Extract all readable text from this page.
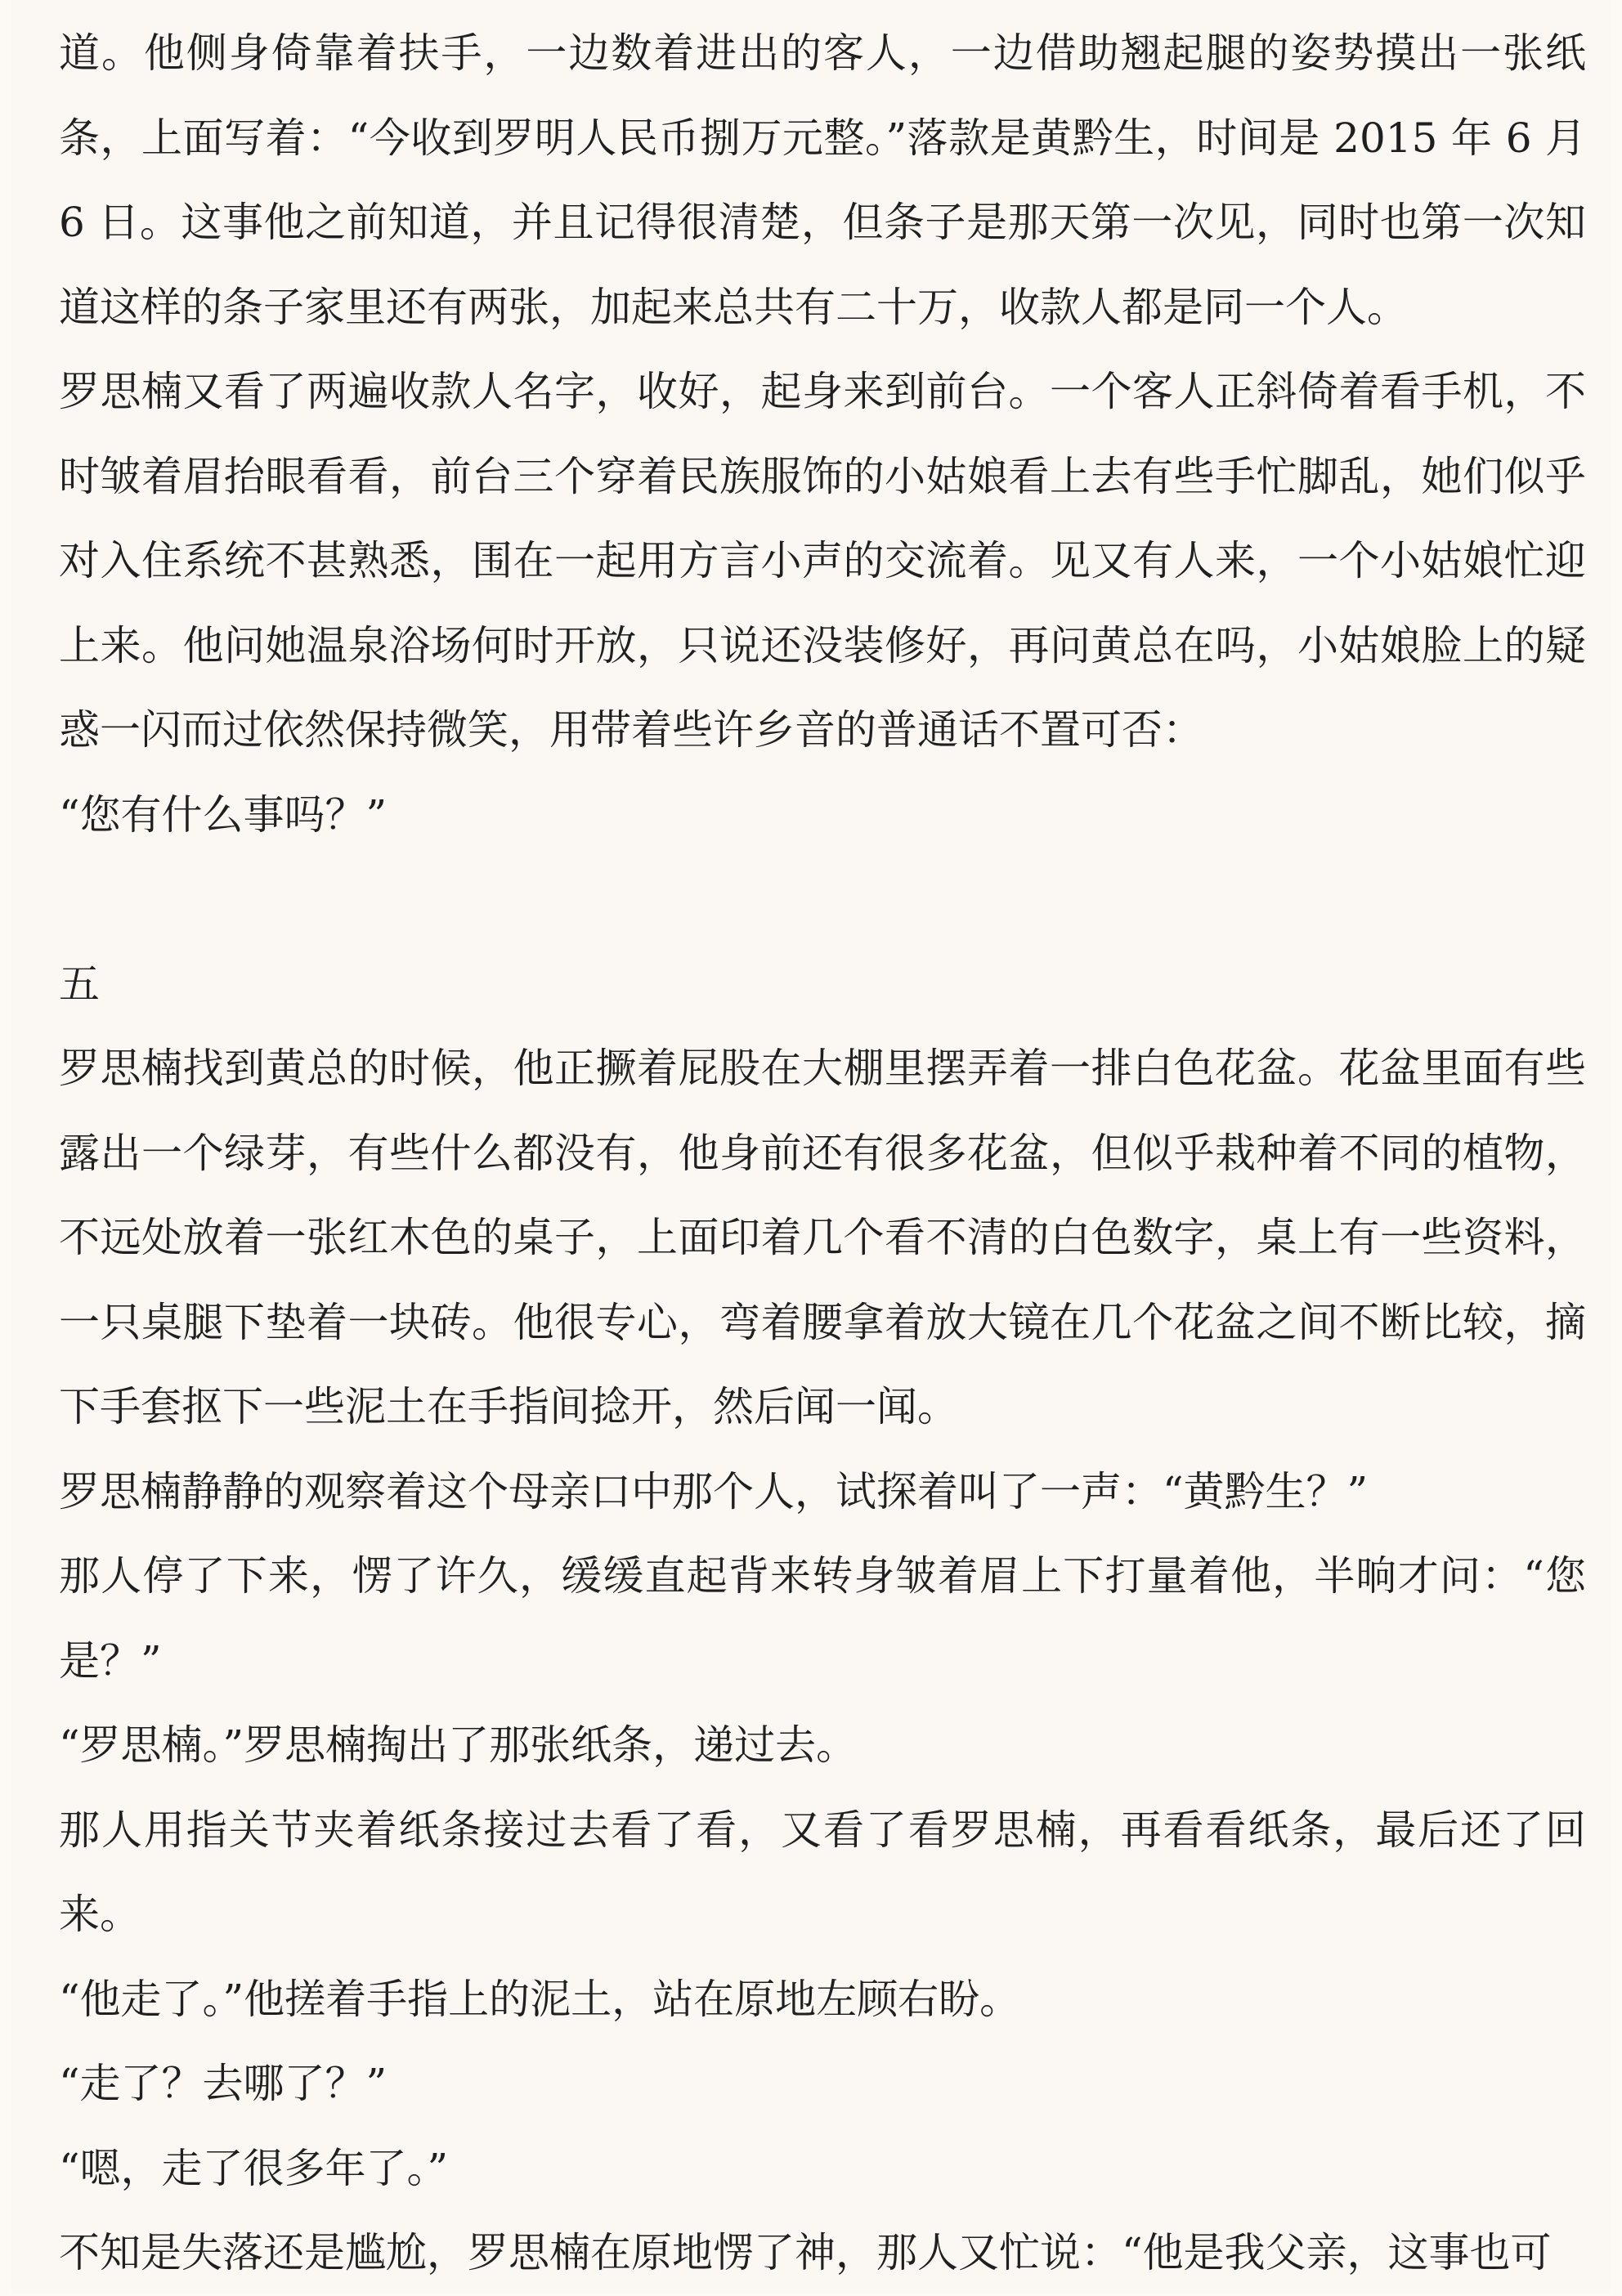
道。他侧身倚靠着扶手，一边数着进出的客人，一边借助翘起腿的姿势摸出一张纸条，上面写着：“今收到罗明人民币捌万元整。”落款是黄黔生，时间是 2015 年 6 月 6 日。这事他之前知道，并且记得很清楚，但条子是那天第一次见，同时也第一次知道这样的条子家里还有两张，加起来总共有二十万，收款人都是同一个人。

罗思楠又看了两遍收款人名字，收好，起身来到前台。一个客人正斜倚着看手机，不时皱着眉抬眼看看，前台三个穿着民族服饰的小姑娘看上去有些手忙脚乱，她们似乎对入住系统不甚熟悉，围在一起用方言小声的交流着。见又有人来，一个小姑娘忙迎上来。他问她温泉浴场何时开放，只说还没装修好，再问黄总在吗，小姑娘脸上的疑惑一闪而过依然保持微笑，用带着些许乡音的普通话不置可否：

“您有什么事吗？”

五

罗思楠找到黄总的时候，他正撅着屁股在大棚里摆弄着一排白色花盆。花盆里面有些露出一个绿芽，有些什么都没有，他身前还有很多花盆，但似乎栽种着不同的植物，不远处放着一张红木色的桌子，上面印着几个看不清的白色数字，桌上有一些资料，一只桌腿下垫着一块砖。他很专心，弯着腰拿着放大镜在几个花盆之间不断比较，摘下手套抠下一些泥土在手指间捻开，然后闻一闻。

罗思楠静静的观察着这个母亲口中那个人，试探着叫了一声：“黄黔生？”

那人停了下来，愣了许久，缓缓直起背来转身皱着眉上下打量着他，半晌才问：“您是？”

“罗思楠。”罗思楠掏出了那张纸条，递过去。

那人用指关节夹着纸条接过去看了看，又看了看罗思楠，再看看纸条，最后还了回来。

“他走了。”他搓着手指上的泥土，站在原地左顾右盼。

“走了？去哪了？”

“嗯，走了很多年了。”

不知是失落还是尴尬，罗思楠在原地愣了神，那人又忙说：“他是我父亲，这事也可
